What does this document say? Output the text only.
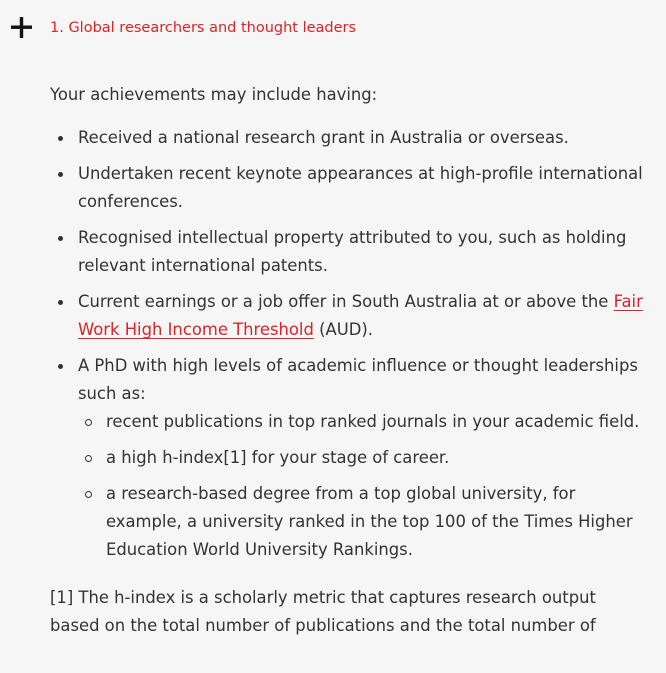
1. Global researchers and thought leaders

Your achievements may include having:

Received a national research grant in Australia or overseas.
Undertaken recent keynote appearances at high-profile international conferences.
Recognised intellectual property attributed to you, such as holding relevant international patents.
Current earnings or a job offer in South Australia at or above the Fair Work High Income Threshold (AUD).
A PhD with high levels of academic influence or thought leaderships such as:
recent publications in top ranked journals in your academic field.
a high h-index[1] for your stage of career.
a research-based degree from a top global university, for example, a university ranked in the top 100 of the Times Higher Education World University Rankings.

[1] The h-index is a scholarly metric that captures research output based on the total number of publications and the total number of
